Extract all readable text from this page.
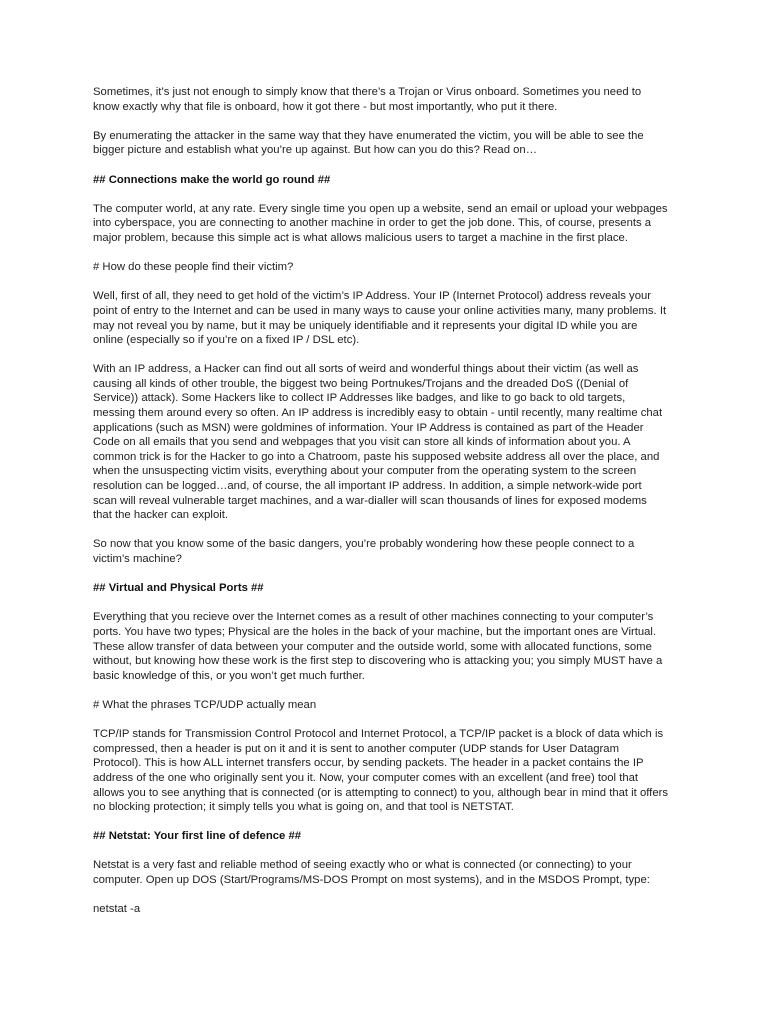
Sometimes, it’s just not enough to simply know that there’s a Trojan or Virus onboard. Sometimes you need to know exactly why that file is onboard, how it got there - but most importantly, who put it there.

By enumerating the attacker in the same way that they have enumerated the victim, you will be able to see the bigger picture and establish what you’re up against. But how can you do this? Read on…

## Connections make the world go round ##

The computer world, at any rate. Every single time you open up a website, send an email or upload your webpages into cyberspace, you are connecting to another machine in order to get the job done. This, of course, presents a major problem, because this simple act is what allows malicious users to target a machine in the first place.

# How do these people find their victim?

Well, first of all, they need to get hold of the victim’s IP Address. Your IP (Internet Protocol) address reveals your point of entry to the Internet and can be used in many ways to cause your online activities many, many problems. It may not reveal you by name, but it may be uniquely identifiable and it represents your digital ID while you are online (especially so if you’re on a fixed IP / DSL etc).

With an IP address, a Hacker can find out all sorts of weird and wonderful things about their victim (as well as causing all kinds of other trouble, the biggest two being Portnukes/Trojans and the dreaded DoS ((Denial of Service)) attack). Some Hackers like to collect IP Addresses like badges, and like to go back to old targets, messing them around every so often. An IP address is incredibly easy to obtain - until recently, many realtime chat applications (such as MSN) were goldmines of information. Your IP Address is contained as part of the Header Code on all emails that you send and webpages that you visit can store all kinds of information about you. A common trick is for the Hacker to go into a Chatroom, paste his supposed website address all over the place, and when the unsuspecting victim visits, everything about your computer from the operating system to the screen resolution can be logged…and, of course, the all important IP address. In addition, a simple network-wide port scan will reveal vulnerable target machines, and a war-dialler will scan thousands of lines for exposed modems that the hacker can exploit.

So now that you know some of the basic dangers, you’re probably wondering how these people connect to a victim’s machine?

## Virtual and Physical Ports ##

Everything that you recieve over the Internet comes as a result of other machines connecting to your computer’s ports. You have two types; Physical are the holes in the back of your machine, but the important ones are Virtual. These allow transfer of data between your computer and the outside world, some with allocated functions, some without, but knowing how these work is the first step to discovering who is attacking you; you simply MUST have a basic knowledge of this, or you won’t get much further.

# What the phrases TCP/UDP actually mean

TCP/IP stands for Transmission Control Protocol and Internet Protocol, a TCP/IP packet is a block of data which is compressed, then a header is put on it and it is sent to another computer (UDP stands for User Datagram Protocol). This is how ALL internet transfers occur, by sending packets. The header in a packet contains the IP address of the one who originally sent you it. Now, your computer comes with an excellent (and free) tool that allows you to see anything that is connected (or is attempting to connect) to you, although bear in mind that it offers no blocking protection; it simply tells you what is going on, and that tool is NETSTAT.

## Netstat: Your first line of defence ##

Netstat is a very fast and reliable method of seeing exactly who or what is connected (or connecting) to your computer. Open up DOS (Start/Programs/MS-DOS Prompt on most systems), and in the MSDOS Prompt, type:

netstat -a
